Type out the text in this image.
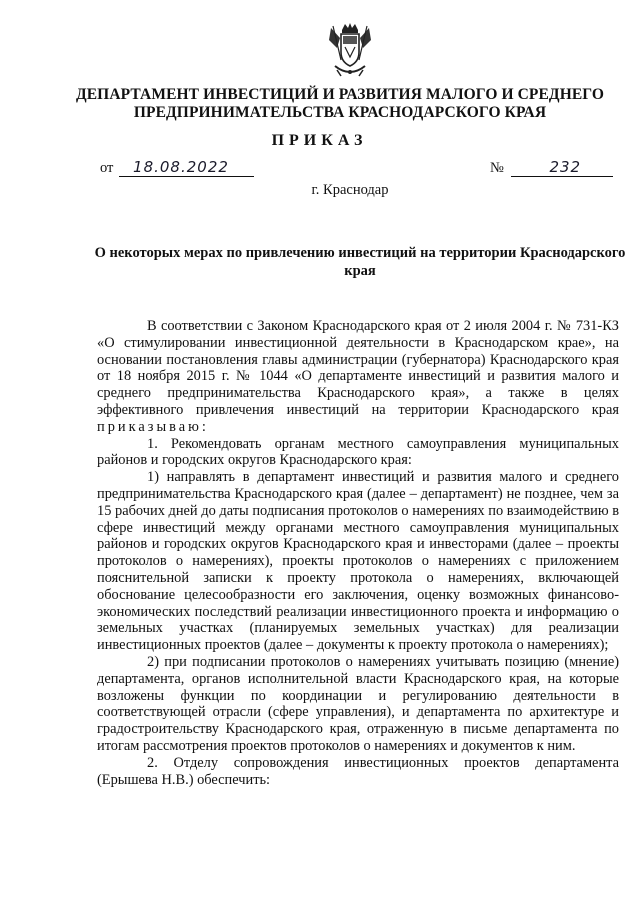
ДЕПАРТАМЕНТ ИНВЕСТИЦИЙ И РАЗВИТИЯ МАЛОГО И СРЕДНЕГО ПРЕДПРИНИМАТЕЛЬСТВА КРАСНОДАРСКОГО КРАЯ
ПРИКАЗ
от 18.08.2022	№	232
г. Краснодар
О некоторых мерах по привлечению инвестиций на территории Краснодарского края

В соответствии с Законом Краснодарского края от 2 июля 2004 г. № 731-КЗ «О стимулировании инвестиционной деятельности в Краснодарском крае», на основании постановления главы администрации (губернатора) Краснодарского края от 18 ноября 2015 г. № 1044 «О департаменте инвестиций и развития малого и среднего предпринимательства Краснодарского края», а также в целях эффективного привлечения инвестиций на территории Краснодарского края приказываю:

1. Рекомендовать органам местного самоуправления муниципальных районов и городских округов Краснодарского края:

1) направлять в департамент инвестиций и развития малого и среднего предпринимательства Краснодарского края (далее – департамент) не позднее, чем за 15 рабочих дней до даты подписания протоколов о намерениях по взаимодействию в сфере инвестиций между органами местного самоуправления муниципальных районов и городских округов Краснодарского края и инвесторами (далее – проекты протоколов о намерениях), проекты протоколов о намерениях с приложением пояснительной записки к проекту протокола о намерениях, включающей обоснование целесообразности его заключения, оценку возможных финансово-экономических последствий реализации инвестиционного проекта и информацию о земельных участках (планируемых земельных участках) для реализации инвестиционных проектов (далее – документы к проекту протокола о намерениях);

2) при подписании протоколов о намерениях учитывать позицию (мнение) департамента, органов исполнительной власти Краснодарского края, на которые возложены функции по координации и регулированию деятельности в соответствующей отрасли (сфере управления), и департамента по архитектуре и градостроительству Краснодарского края, отраженную в письме департамента по итогам рассмотрения проектов протоколов о намерениях и документов к ним.

2. Отделу сопровождения инвестиционных проектов департамента (Ерышева Н.В.) обеспечить:
